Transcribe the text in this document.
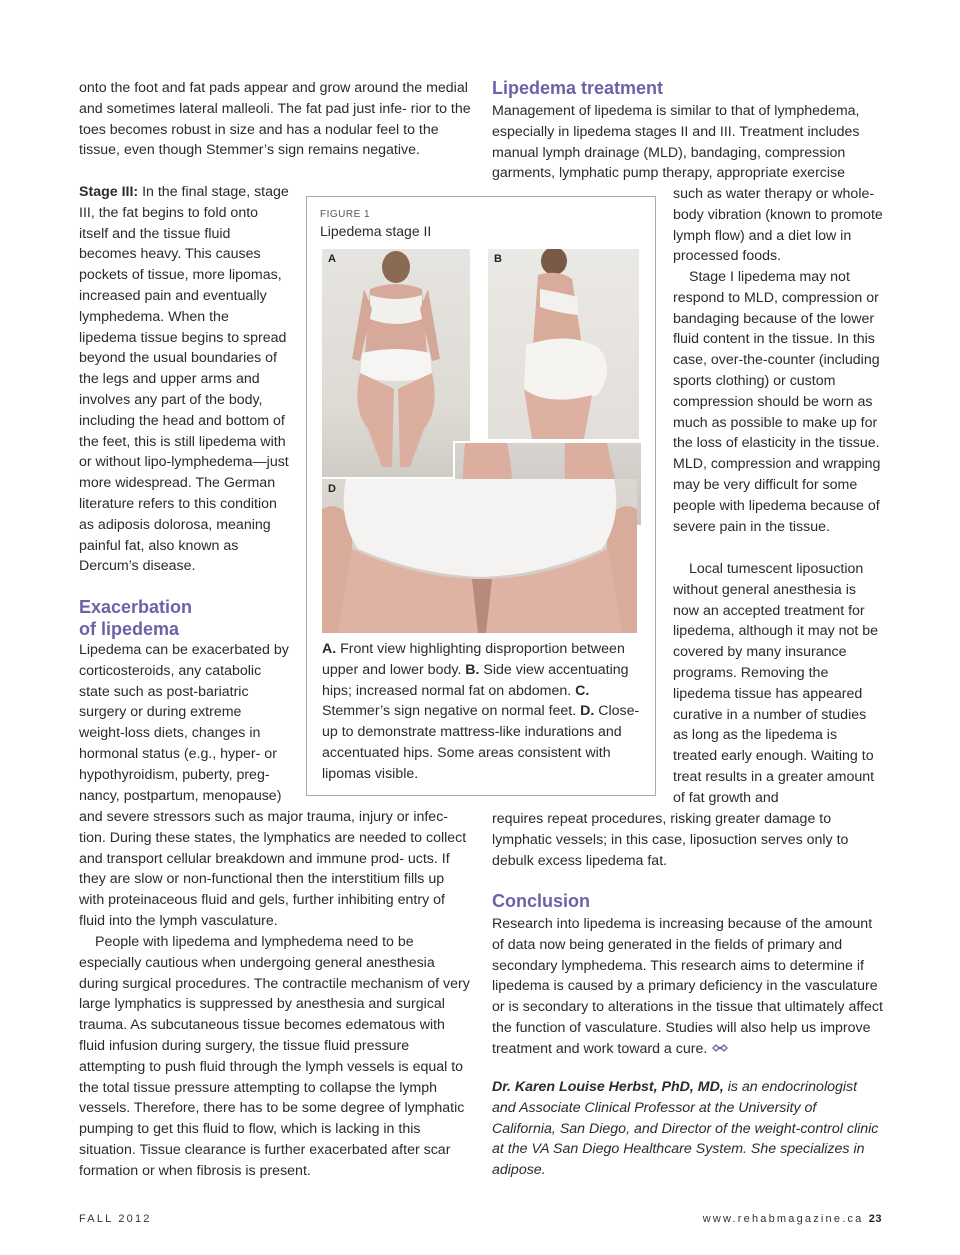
onto the foot and fat pads appear and grow around the medial and sometimes lateral malleoli. The fat pad just infe- rior to the toes becomes robust in size and has a nodular feel to the tissue, even though Stemmer’s sign remains negative.

Stage III: In the final stage, stage III, the fat begins to fold onto itself and the tissue fluid becomes heavy. This causes pockets of tissue, more lipomas, increased pain and eventually lymphedema. When the lipedema tissue begins to spread beyond the usual boundaries of the legs and upper arms and involves any part of the body, including the head and bottom of the feet, this is still lipedema with or without lipo-lymphedema—just more widespread. The German literature refers to this condition as adiposis dolorosa, meaning painful fat, also known as Dercum’s disease.

Exacerbation
of lipedema

Lipedema can be exacerbated by corticosteroids, any catabolic state such as post-bariatric surgery or during extreme weight-loss diets, changes in hormonal status (e.g., hyper- or hypothyroidism, puberty, preg- nancy, postpartum, menopause)

and severe stressors such as major trauma, injury or infec- tion. During these states, the lymphatics are needed to collect and transport cellular breakdown and immune prod- ucts. If they are slow or non-functional then the interstitium fills up with proteinaceous fluid and gels, further inhibiting entry of fluid into the lymph vasculature.

People with lipedema and lymphedema need to be especially cautious when undergoing general anesthesia during surgical procedures. The contractile mechanism of very large lymphatics is suppressed by anesthesia and surgical trauma. As subcutaneous tissue becomes edematous with fluid infusion during surgery, the tissue fluid pressure attempting to push fluid through the lymph vessels is equal to the total tissue pressure attempting to collapse the lymph vessels. Therefore, there has to be some degree of lymphatic pumping to get this fluid to flow, which is lacking in this situation. Tissue clearance is further exacerbated after scar formation or when fibrosis is present.

Lipedema treatment

Management of lipedema is similar to that of lymphedema, especially in lipedema stages II and III. Treatment includes manual lymph drainage (MLD), bandaging, compression garments, lymphatic pump therapy, appropriate exercise

such as water therapy or whole-body vibration (known to promote lymph flow) and a diet low in processed foods.

Stage I lipedema may not respond to MLD, compression or bandaging because of the lower fluid content in the tissue. In this case, over-the-counter (including sports clothing) or custom compression should be worn as much as possible to make up for the loss of elasticity in the tissue. MLD, compression and wrapping may be very difficult for some people with lipedema because of severe pain in the tissue.

Local tumescent liposuction without general anesthesia is now an accepted treatment for lipedema, although it may not be covered by many insurance programs. Removing the lipedema tissue has appeared curative in a number of studies as long as the lipedema is treated early enough. Waiting to treat results in a greater amount of fat growth and

requires repeat procedures, risking greater damage to lymphatic vessels; in this case, liposuction serves only to debulk excess lipedema fat.

Conclusion

Research into lipedema is increasing because of the amount of data now being generated in the fields of primary and secondary lymphedema. This research aims to determine if lipedema is caused by a primary deficiency in the vasculature or is secondary to alterations in the tissue that ultimately affect the function of vasculature. Studies will also help us improve treatment and work toward a cure.

Dr. Karen Louise Herbst, PhD, MD, is an endocrinologist and Associate Clinical Professor at the University of California, San Diego, and Director of the weight-control clinic at the VA San Diego Healthcare System. She specializes in adipose.

FIGURE 1
Lipedema stage II
A	B
D

A. Front view highlighting disproportion between upper and lower body. B. Side view accentuating hips; increased normal fat on abdomen. C. Stemmer’s sign negative on normal feet. D. Close-up to demonstrate mattress-like indurations and accentuated hips. Some areas consistent with lipomas visible.

FALL 2012	www.rehabmagazine.ca 23
